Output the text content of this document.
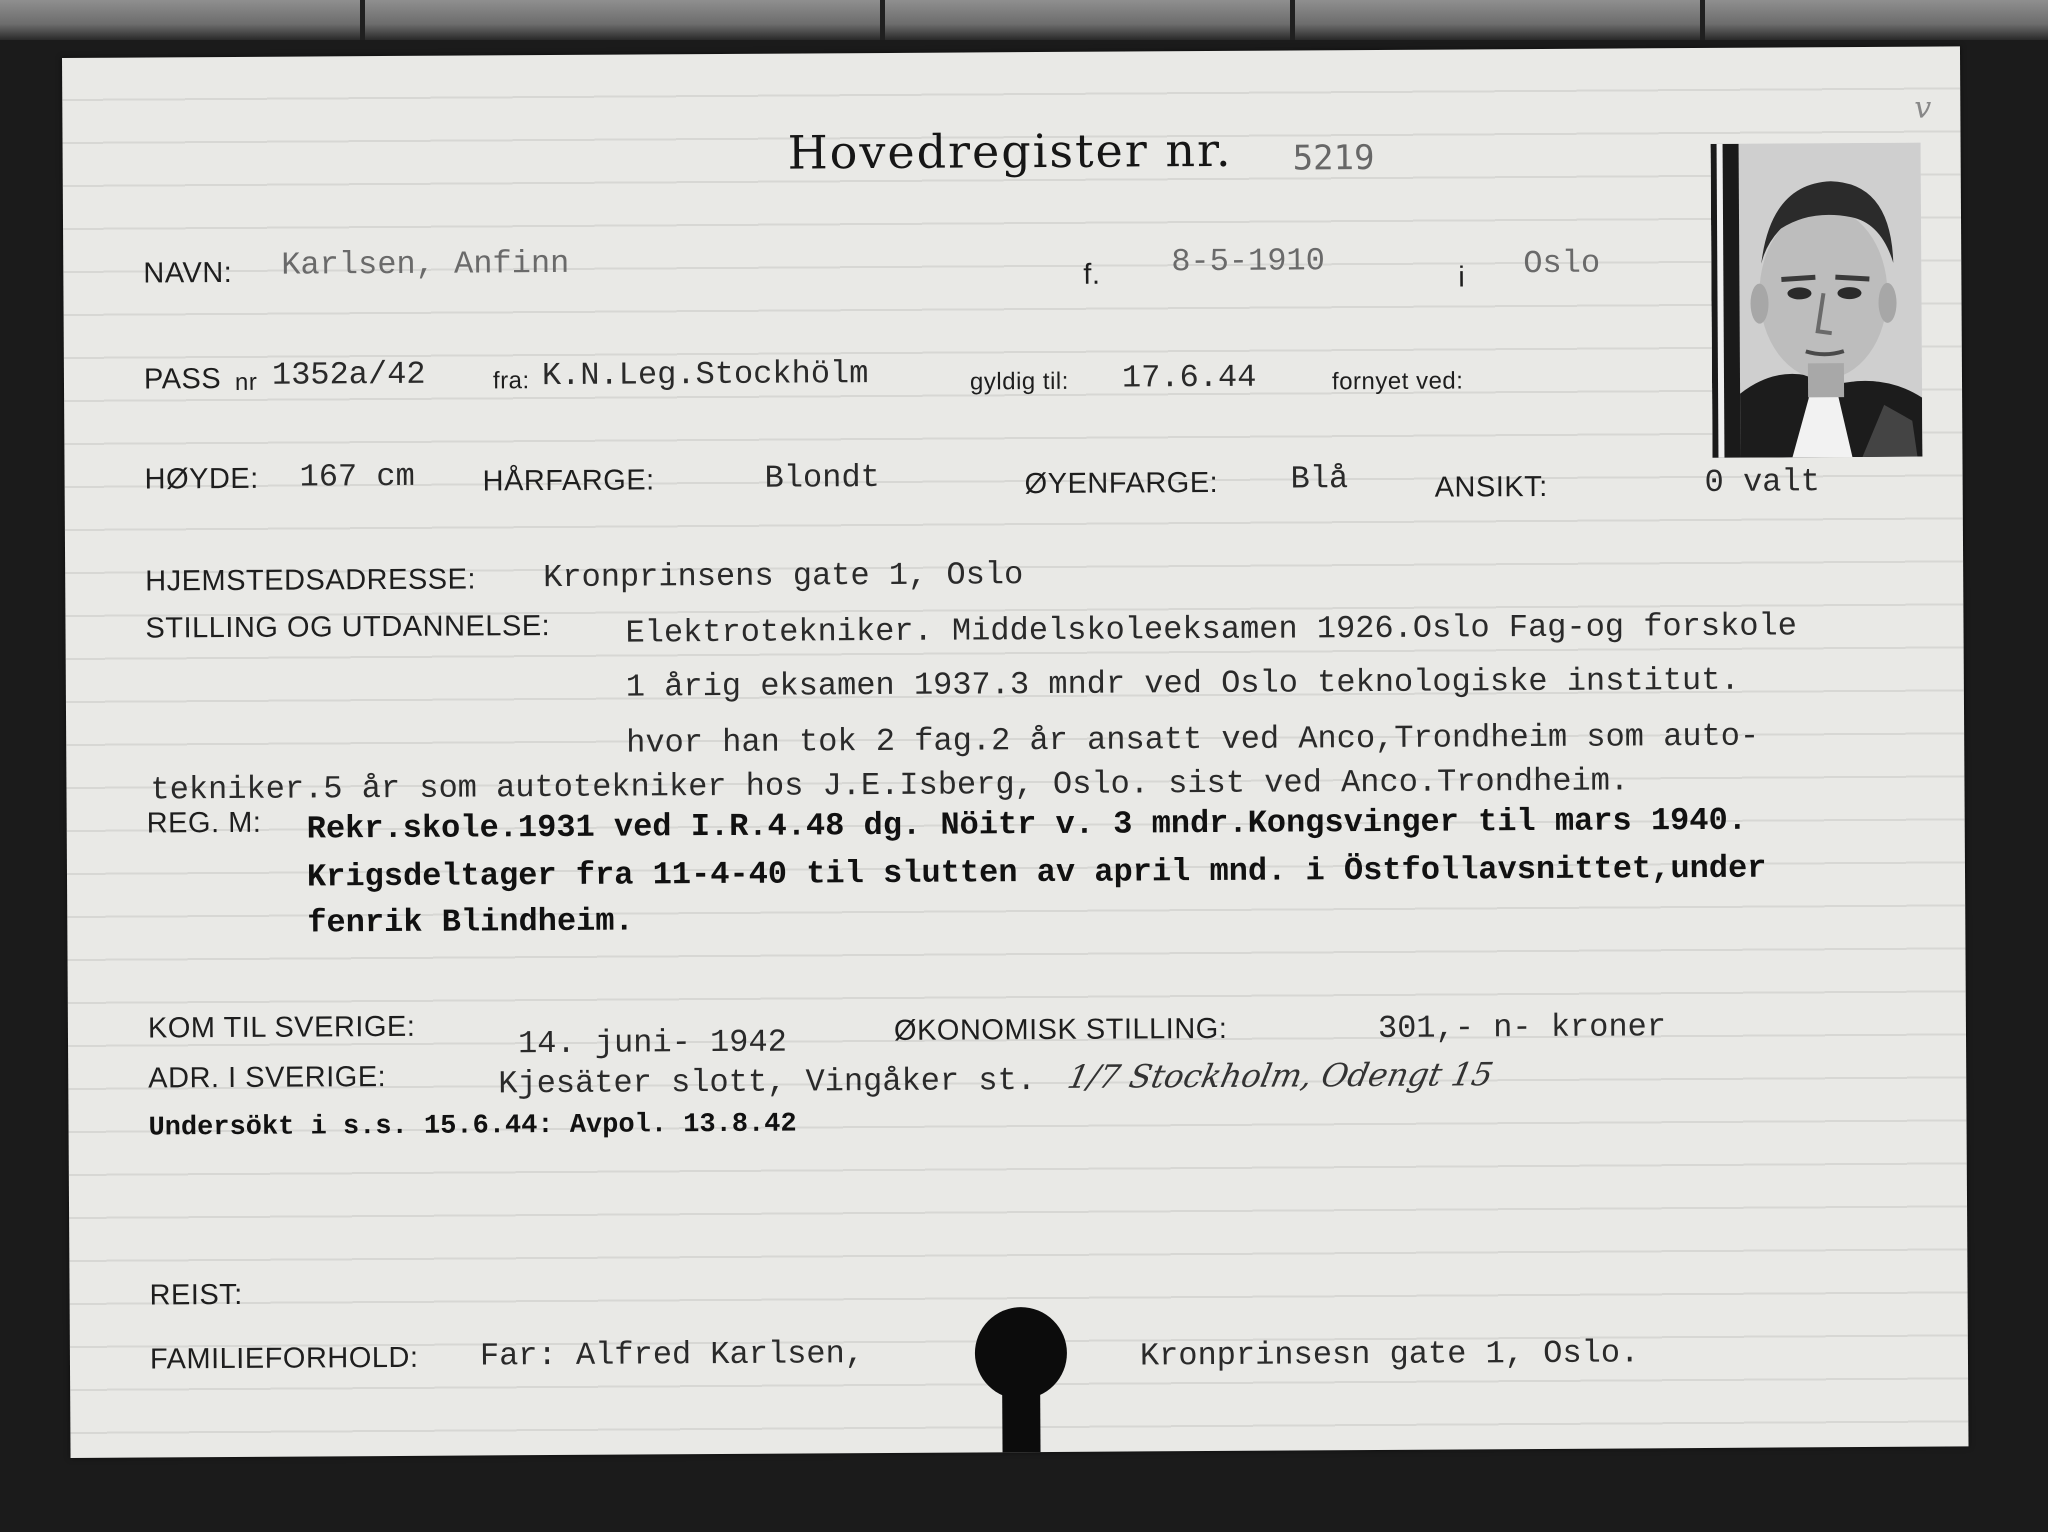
Hovedregister nr. 5219
v
NAVN: Karlsen, Anfinn	f. 8-5-1910	i Oslo
PASS nr 1352a/42	fra: K.N.Leg.Stockhölm	gyldig til: 17.6.44	fornyet ved:
HØYDE: 167 cm HÅRFARGE:	Blondt	ØYENFARGE: Blå	ANSIKT:	0 valt
HJEMSTEDSADRESSE: Kronprinsens gate 1, Oslo
STILLING OG UTDANNELSE: Elektrotekniker. Middelskoleeksamen 1926.Oslo Fag-og forskole
1 årig eksamen 1937.3 mndr ved Oslo teknologiske institut.
hvor han tok 2 fag.2 år ansatt ved Anco,Trondheim som auto-
tekniker.5 år som autotekniker hos J.E.Isberg, Oslo. sist ved Anco.Trondheim.
REG. M: Rekr.skole.1931 ved I.R.4.48 dg. Nöitr v. 3 mndr.Kongsvinger til mars 1940.
Krigsdeltager fra 11-4-40 til slutten av april mnd. i Östfollavsnittet,under
fenrik Blindheim.
KOM TIL SVERIGE:	14. juni- 1942	ØKONOMISK STILLING:	301,- n- kroner
ADR. I SVERIGE:	Kjesäter slott, Vingåker st. 1/7 Stockholm, Odengt 15
Undersökt i s.s. 15.6.44: Avpol. 13.8.42
REIST:
FAMILIEFORHOLD: Far: Alfred Karlsen,	Kronprinsesn gate 1, Oslo.
